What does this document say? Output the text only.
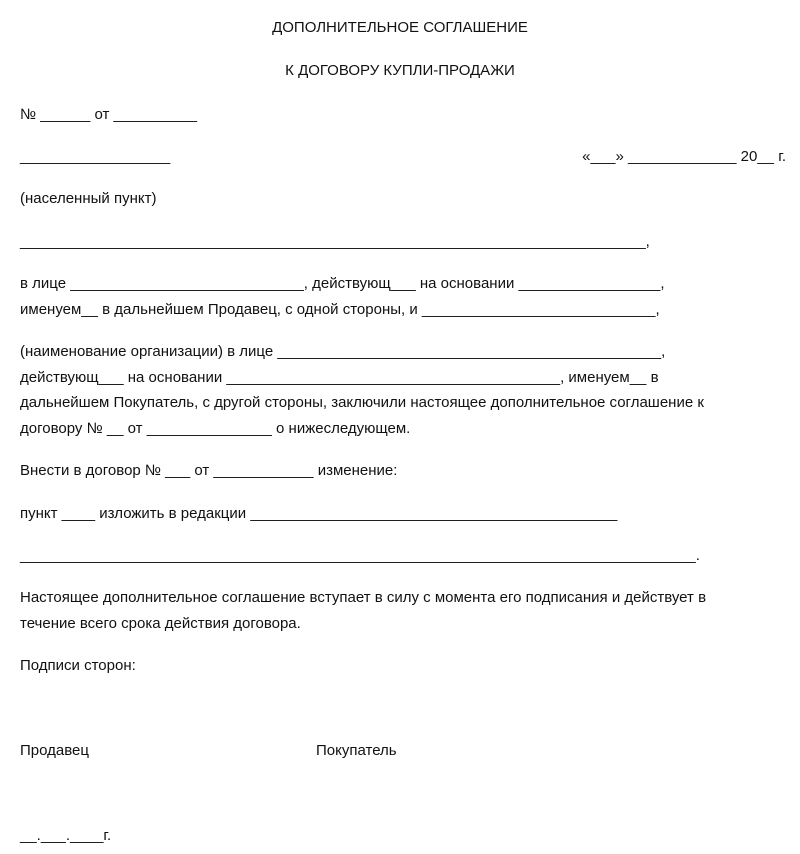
ДОПОЛНИТЕЛЬНОЕ СОГЛАШЕНИЕ
К ДОГОВОРУ КУПЛИ-ПРОДАЖИ
№ ______ от __________
__________________	«___» _____________ 20__ г.
(населенный пункт)
___________________________________________________________________________,
в лице ____________________________, действующ___ на основании _________________,
именуем__ в дальнейшем Продавец, с одной стороны, и ____________________________,
(наименование организации) в лице ______________________________________________,
действующ___ на основании ________________________________________, именуем__ в
дальнейшем Покупатель, с другой стороны, заключили настоящее дополнительное соглашение к
договору № __ от _______________ о нижеследующем.
Внести в договор № ___ от ____________ изменение:
пункт ____ изложить в редакции ____________________________________________
_________________________________________________________________________________.
Настоящее дополнительное соглашение вступает в силу с момента его подписания и действует в
течение всего срока действия договора.
Подписи сторон:
Продавец	Покупатель
__.___.____г.
